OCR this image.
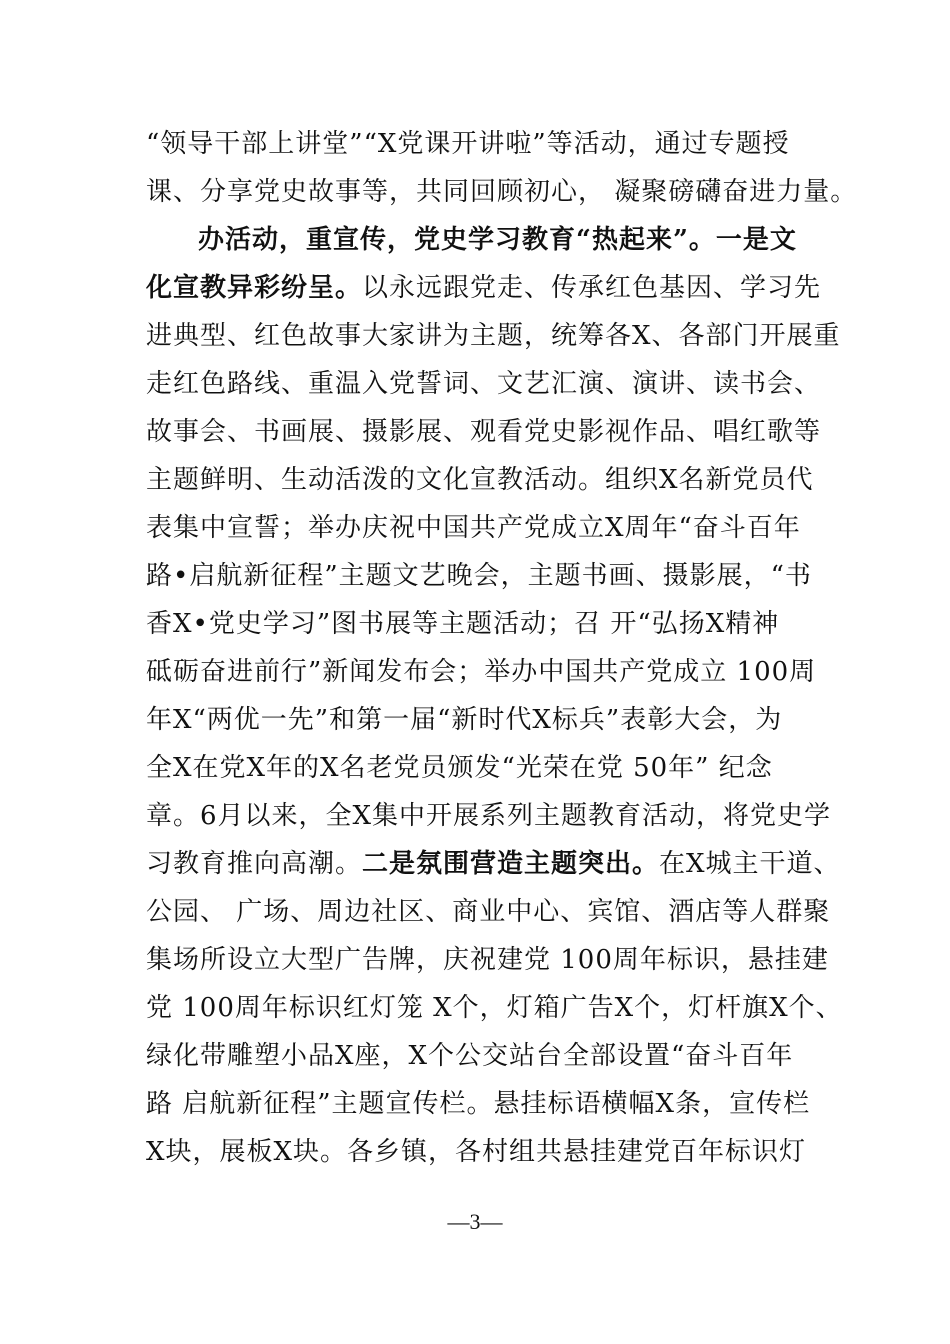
“领导干部上讲堂”“X党课开讲啦”等活动，通过专题授
课、分享党史故事等，共同回顾初心， 凝聚磅礴奋进力量。
办活动，重宣传，党史学习教育“热起来”。一是文
化宣教异彩纷呈。以永远跟党走、传承红色基因、学习先
进典型、红色故事大家讲为主题，统筹各X、各部门开展重
走红色路线、重温入党誓词、文艺汇演、演讲、读书会、
故事会、书画展、摄影展、观看党史影视作品、唱红歌等
主题鲜明、生动活泼的文化宣教活动。组织X名新党员代
表集中宣誓；举办庆祝中国共产党成立X周年“奋斗百年
路•启航新征程”主题文艺晚会，主题书画、摄影展，“书
香X•党史学习”图书展等主题活动；召 开“弘扬X精神
砥砺奋进前行”新闻发布会；举办中国共产党成立 100周
年X“两优一先”和第一届“新时代X标兵”表彰大会，为
全X在党X年的X名老党员颁发“光荣在党 50年” 纪念
章。6月以来，全X集中开展系列主题教育活动，将党史学
习教育推向高潮。二是氛围营造主题突出。在X城主干道、
公园、 广场、周边社区、商业中心、宾馆、酒店等人群聚
集场所设立大型广告牌，庆祝建党 100周年标识，悬挂建
党 100周年标识红灯笼 X个，灯箱广告X个，灯杆旗X个、
绿化带雕塑小品X座，X个公交站台全部设置“奋斗百年
路 启航新征程”主题宣传栏。悬挂标语横幅X条，宣传栏
X块，展板X块。各乡镇，各村组共悬挂建党百年标识灯
—3—
